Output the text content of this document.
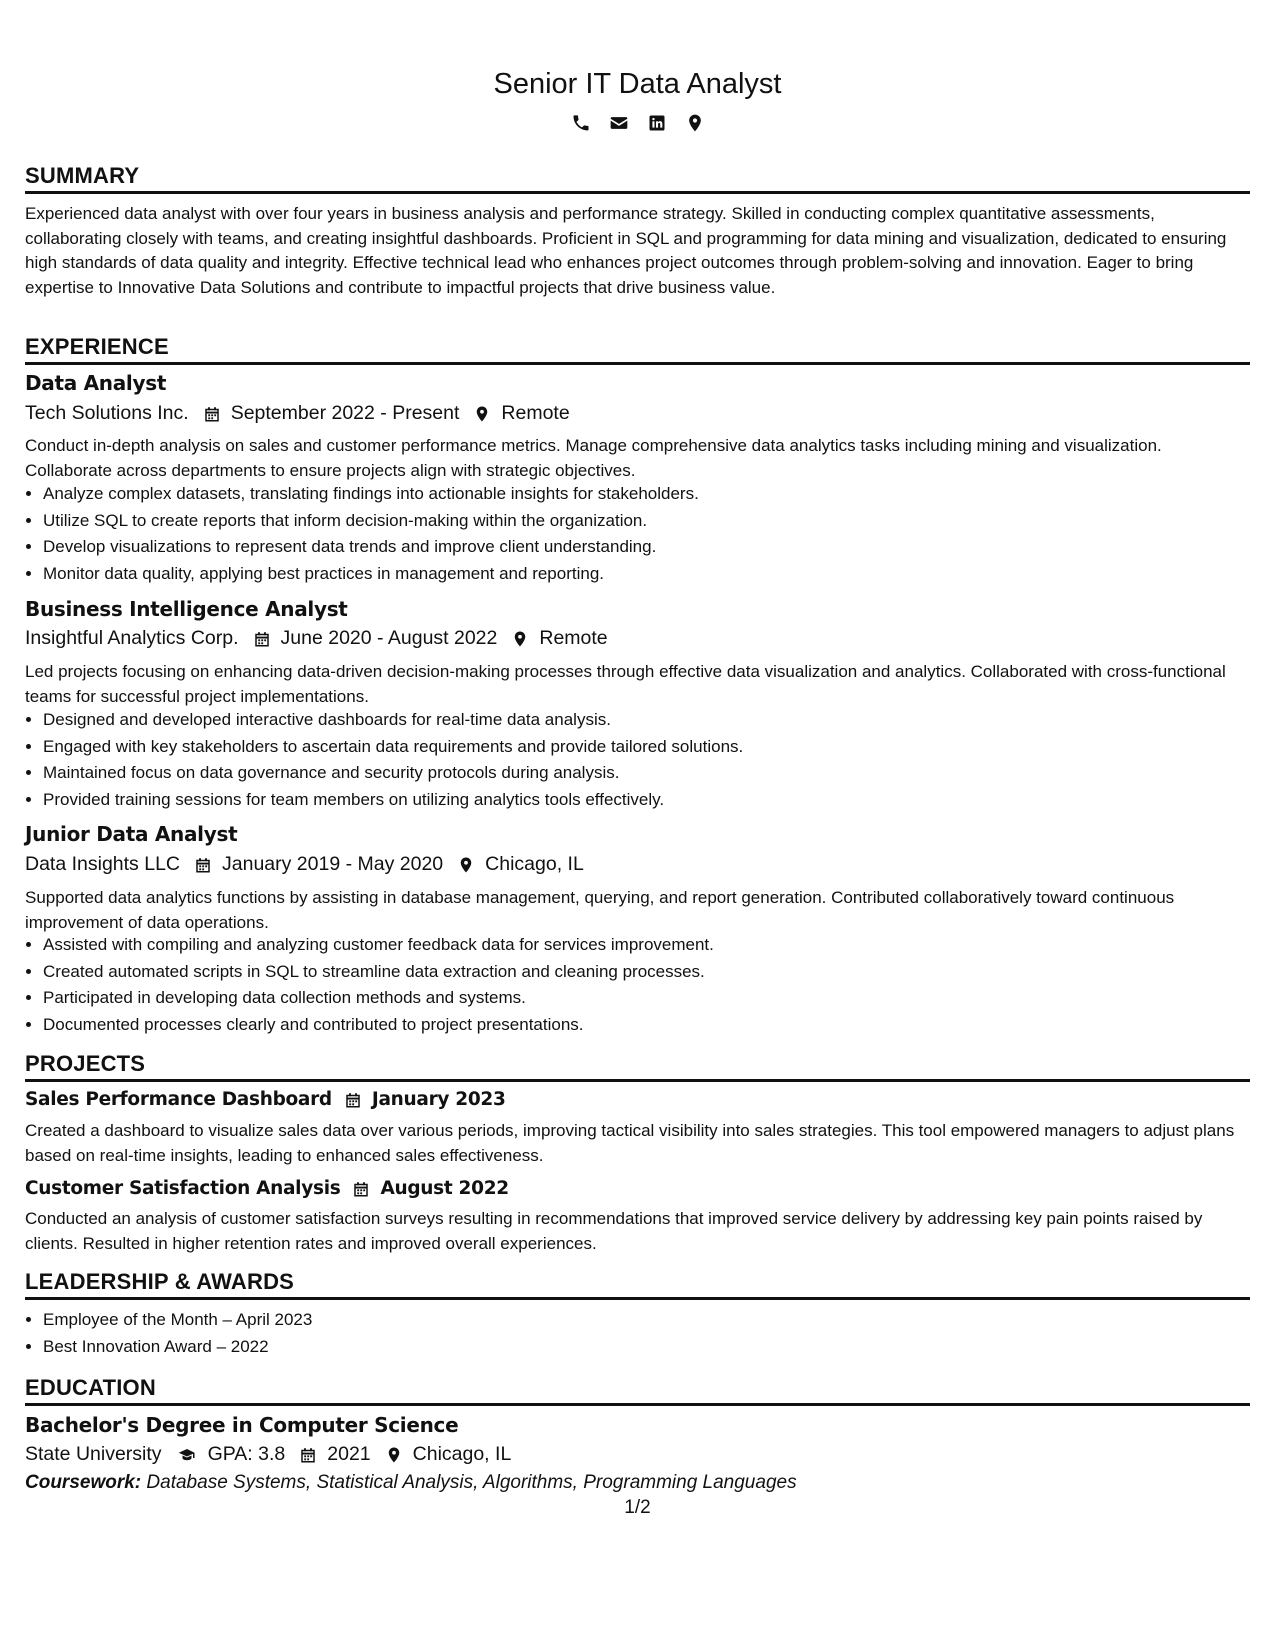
Senior IT Data Analyst
SUMMARY
Experienced data analyst with over four years in business analysis and performance strategy. Skilled in conducting complex quantitative assessments, collaborating closely with teams, and creating insightful dashboards. Proficient in SQL and programming for data mining and visualization, dedicated to ensuring high standards of data quality and integrity. Effective technical lead who enhances project outcomes through problem-solving and innovation. Eager to bring expertise to Innovative Data Solutions and contribute to impactful projects that drive business value.
EXPERIENCE
Data Analyst
Tech Solutions Inc. September 2022 - Present Remote
Conduct in-depth analysis on sales and customer performance metrics. Manage comprehensive data analytics tasks including mining and visualization. Collaborate across departments to ensure projects align with strategic objectives.
• Analyze complex datasets, translating findings into actionable insights for stakeholders.
• Utilize SQL to create reports that inform decision-making within the organization.
• Develop visualizations to represent data trends and improve client understanding.
• Monitor data quality, applying best practices in management and reporting.
Business Intelligence Analyst
Insightful Analytics Corp. June 2020 - August 2022 Remote
Led projects focusing on enhancing data-driven decision-making processes through effective data visualization and analytics. Collaborated with cross-functional teams for successful project implementations.
• Designed and developed interactive dashboards for real-time data analysis.
• Engaged with key stakeholders to ascertain data requirements and provide tailored solutions.
• Maintained focus on data governance and security protocols during analysis.
• Provided training sessions for team members on utilizing analytics tools effectively.
Junior Data Analyst
Data Insights LLC January 2019 - May 2020 Chicago, IL
Supported data analytics functions by assisting in database management, querying, and report generation. Contributed collaboratively toward continuous improvement of data operations.
• Assisted with compiling and analyzing customer feedback data for services improvement.
• Created automated scripts in SQL to streamline data extraction and cleaning processes.
• Participated in developing data collection methods and systems.
• Documented processes clearly and contributed to project presentations.
PROJECTS
Sales Performance Dashboard January 2023
Created a dashboard to visualize sales data over various periods, improving tactical visibility into sales strategies. This tool empowered managers to adjust plans based on real-time insights, leading to enhanced sales effectiveness.
Customer Satisfaction Analysis August 2022
Conducted an analysis of customer satisfaction surveys resulting in recommendations that improved service delivery by addressing key pain points raised by clients. Resulted in higher retention rates and improved overall experiences.
LEADERSHIP & AWARDS
• Employee of the Month – April 2023
• Best Innovation Award – 2022
EDUCATION
Bachelor's Degree in Computer Science
State University GPA: 3.8 2021 Chicago, IL
Coursework: Database Systems, Statistical Analysis, Algorithms, Programming Languages
1/2
